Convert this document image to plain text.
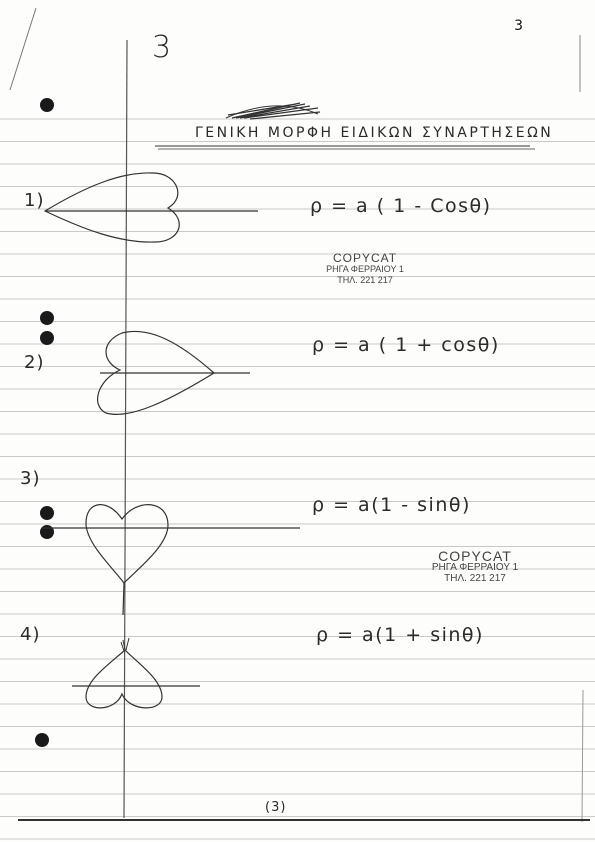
3
3
ΓΕΝΙΚΗ ΜΟΡΦΗ ΕΙΔΙΚΩΝ ΣΥΝΑΡΤΗΣΕΩΝ
1)	ρ = a ( 1 - Cosθ)
2)
ρ = a ( 1 + cosθ)
3)
ρ = a(1 - sinθ)
4)	ρ = a(1 + sinθ)
COPYCAT
ΡΗΓΑ ΦΕΡΡΑΙΟΥ 1
ΤΗΛ. 221 217
COPYCAT
ΡΗΓΑ ΦΕΡΡΑΙΟΥ 1
ΤΗΛ. 221 217
(3)
